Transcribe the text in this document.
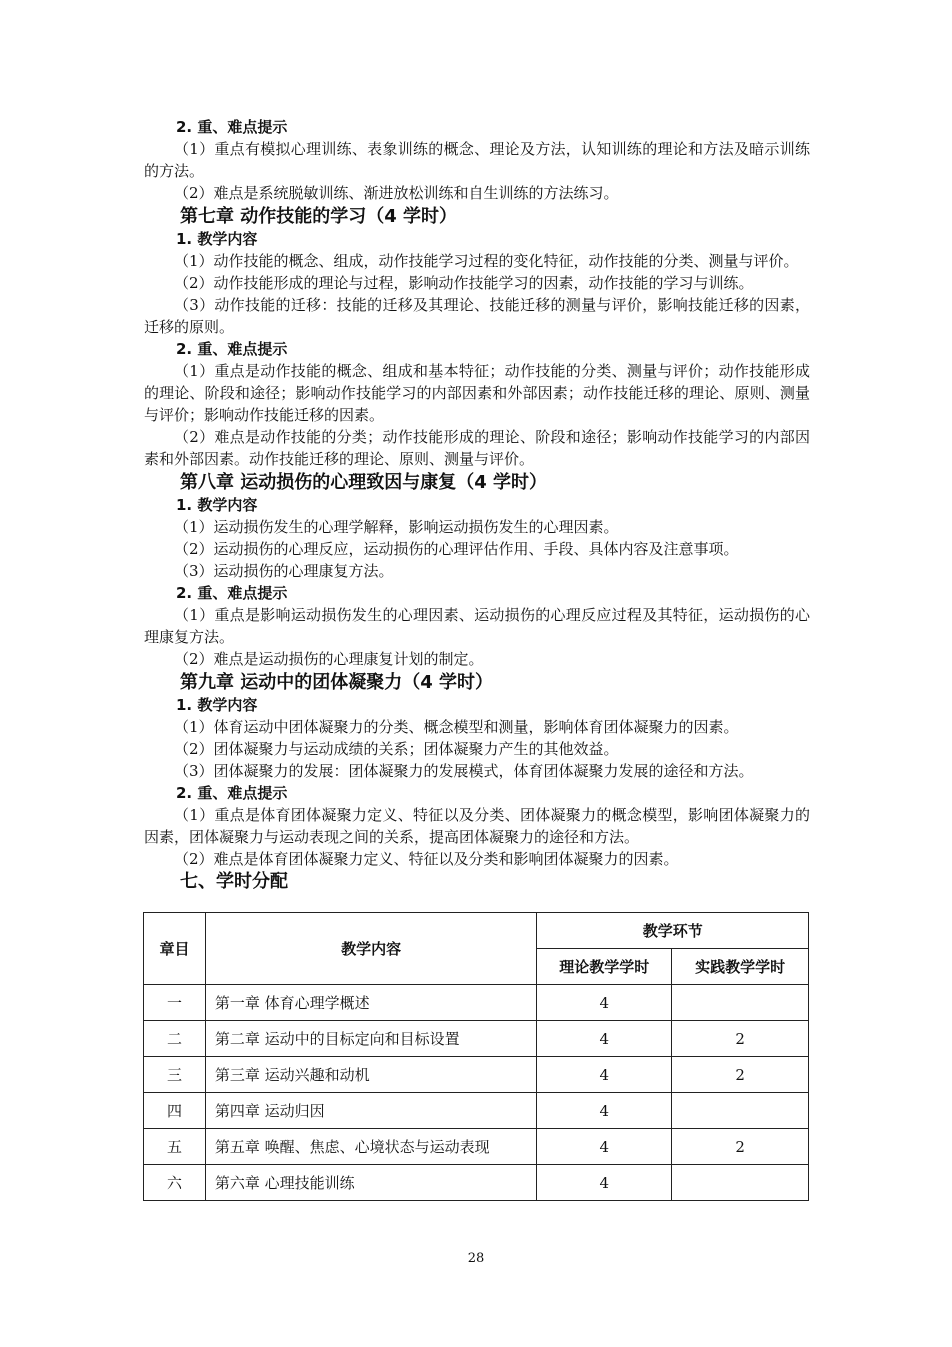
2. 重、难点提示
（1）重点有模拟心理训练、表象训练的概念、理论及方法，认知训练的理论和方法及暗示训练的方法。
（2）难点是系统脱敏训练、渐进放松训练和自生训练的方法练习。
第七章 动作技能的学习（4 学时）
1. 教学内容
（1）动作技能的概念、组成，动作技能学习过程的变化特征，动作技能的分类、测量与评价。
（2）动作技能形成的理论与过程，影响动作技能学习的因素，动作技能的学习与训练。
（3）动作技能的迁移：技能的迁移及其理论、技能迁移的测量与评价，影响技能迁移的因素，迁移的原则。
2. 重、难点提示
（1）重点是动作技能的概念、组成和基本特征；动作技能的分类、测量与评价；动作技能形成的理论、阶段和途径；影响动作技能学习的内部因素和外部因素；动作技能迁移的理论、原则、测量与评价；影响动作技能迁移的因素。
（2）难点是动作技能的分类；动作技能形成的理论、阶段和途径；影响动作技能学习的内部因素和外部因素。动作技能迁移的理论、原则、测量与评价。
第八章 运动损伤的心理致因与康复（4 学时）
1. 教学内容
（1）运动损伤发生的心理学解释，影响运动损伤发生的心理因素。
（2）运动损伤的心理反应，运动损伤的心理评估作用、手段、具体内容及注意事项。
（3）运动损伤的心理康复方法。
2. 重、难点提示
（1）重点是影响运动损伤发生的心理因素、运动损伤的心理反应过程及其特征，运动损伤的心理康复方法。
（2）难点是运动损伤的心理康复计划的制定。
第九章 运动中的团体凝聚力（4 学时）
1. 教学内容
（1）体育运动中团体凝聚力的分类、概念模型和测量，影响体育团体凝聚力的因素。
（2）团体凝聚力与运动成绩的关系；团体凝聚力产生的其他效益。
（3）团体凝聚力的发展：团体凝聚力的发展模式，体育团体凝聚力发展的途径和方法。
2. 重、难点提示
（1）重点是体育团体凝聚力定义、特征以及分类、团体凝聚力的概念模型，影响团体凝聚力的因素，团体凝聚力与运动表现之间的关系，提高团体凝聚力的途径和方法。
（2）难点是体育团体凝聚力定义、特征以及分类和影响团体凝聚力的因素。
七、学时分配
章目	教学内容	教学环节	
		理论教学学时	实践教学学时
一	第一章 体育心理学概述	4	
二	第二章 运动中的目标定向和目标设置	4	2
三	第三章 运动兴趣和动机	4	2
四	第四章 运动归因	4	
五	第五章 唤醒、焦虑、心境状态与运动表现	4	2
六	第六章 心理技能训练	4	
28
